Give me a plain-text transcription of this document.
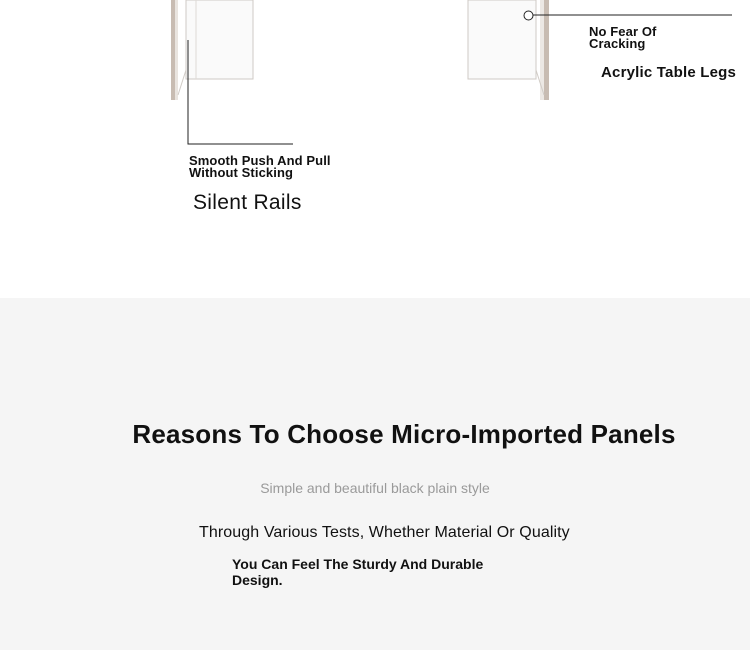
Smooth Push And Pull
Without Sticking
Silent Rails
No Fear Of
Cracking
Acrylic Table Legs
Reasons To Choose Micro-Imported Panels
Simple and beautiful black plain style
Through Various Tests, Whether Material Or Quality
You Can Feel The Sturdy And Durable Design.
